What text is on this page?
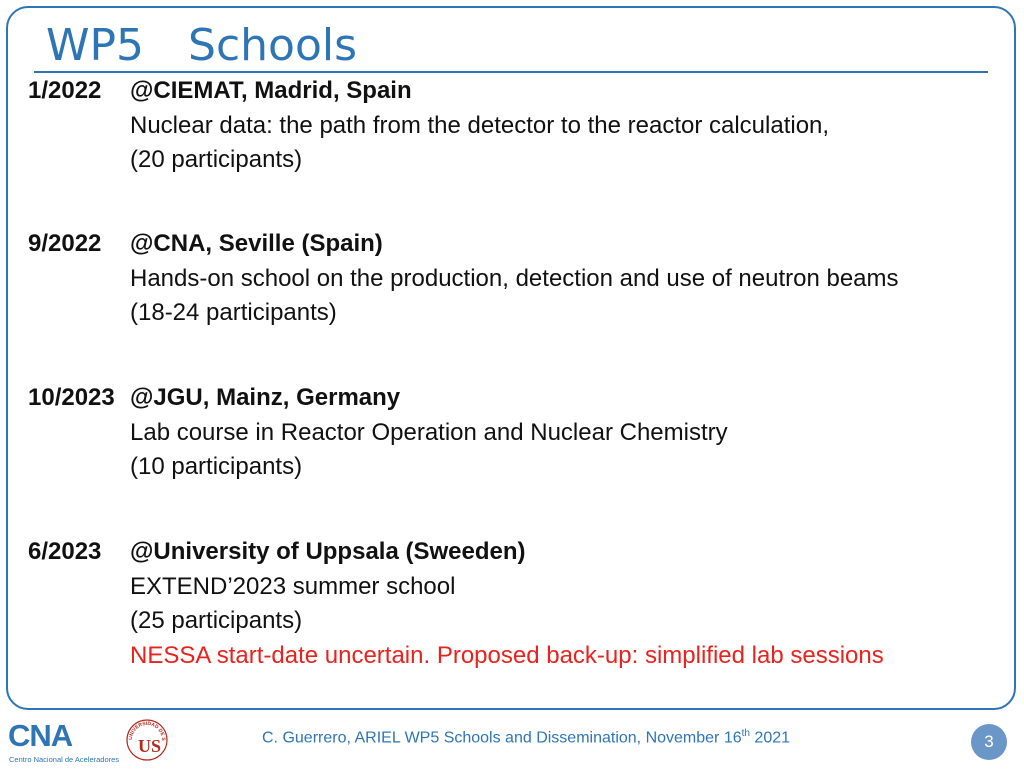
WP5 Schools
1/2022 @CIEMAT, Madrid, Spain
Nuclear data: the path from the detector to the reactor calculation,
(20 participants)
9/2022 @CNA, Seville (Spain)
Hands-on school on the production, detection and use of neutron beams
(18-24 participants)
10/2023 @JGU, Mainz, Germany
Lab course in Reactor Operation and Nuclear Chemistry
(10 participants)
6/2023 @University of Uppsala (Sweeden)
EXTEND’2023 summer school
(25 participants)
NESSA start-date uncertain. Proposed back-up: simplified lab sessions
CNA
Centro Nacional de Aceleradores
UNIVERSIDAD DE S
US	C. Guerrero, ARIEL WP5 Schools and Dissemination, November 16th 2021	3
